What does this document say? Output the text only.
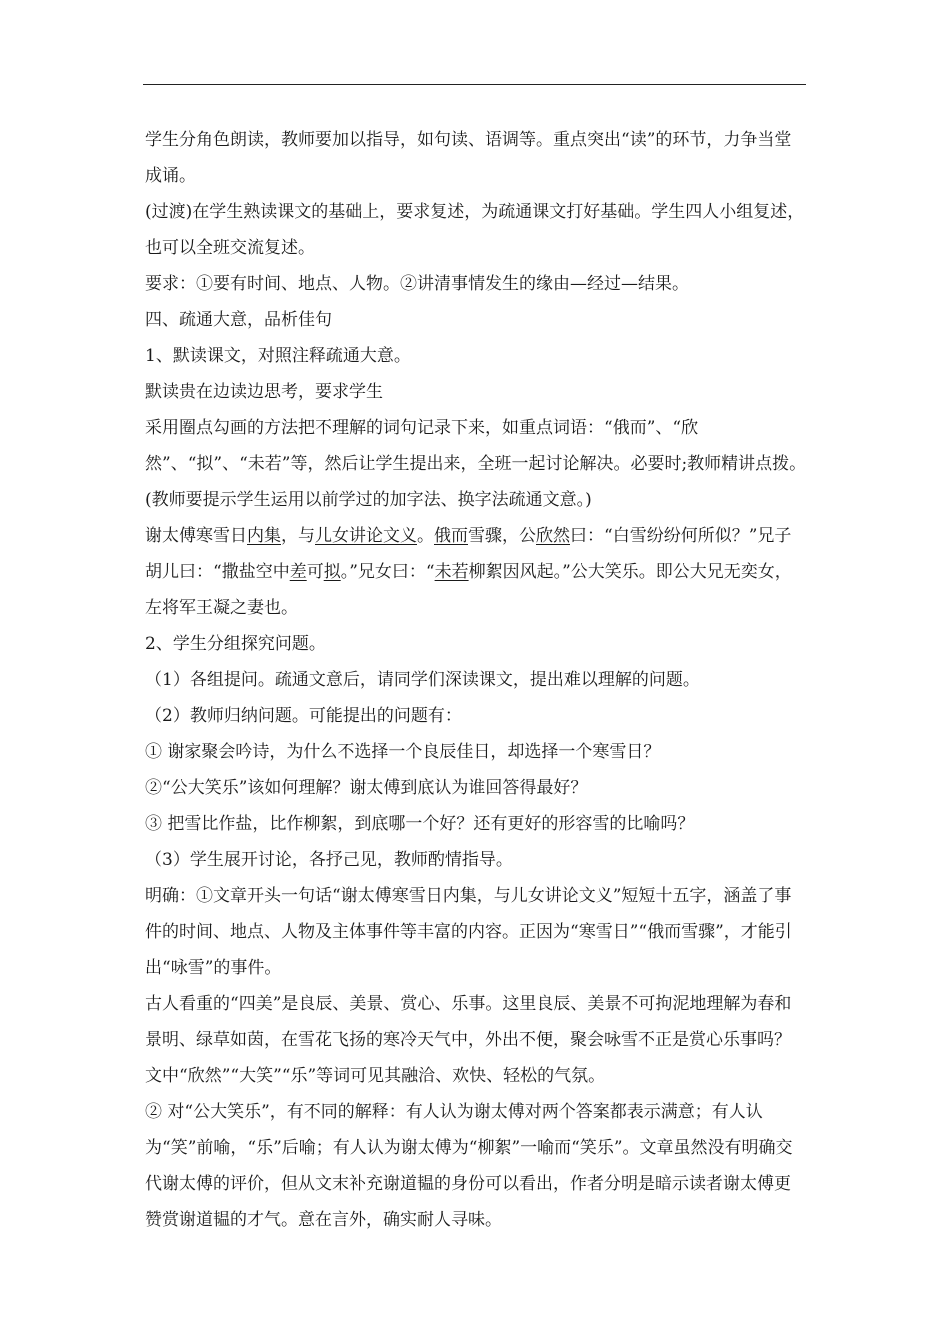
学生分角色朗读，教师要加以指导，如句读、语调等。重点突出“读”的环节，力争当堂成诵。

(过渡)在学生熟读课文的基础上，要求复述，为疏通课文打好基础。学生四人小组复述，也可以全班交流复述。

要求：①要有时间、地点、人物。②讲清事情发生的缘由—经过—结果。

四、疏通大意，品析佳句

1、默读课文，对照注释疏通大意。

默读贵在边读边思考，要求学生

采用圈点勾画的方法把不理解的词句记录下来，如重点词语：“俄而”、“欣然”、“拟”、“未若”等，然后让学生提出来，全班一起讨论解决。必要时;教师精讲点拨。(教师要提示学生运用以前学过的加字法、换字法疏通文意。)

谢太傅寒雪日内集，与儿女讲论文义。俄而雪骤，公欣然曰：“白雪纷纷何所似？”兄子胡儿曰：“撒盐空中差可拟。”兄女曰：“未若柳絮因风起。”公大笑乐。即公大兄无奕女，左将军王凝之妻也。

2、学生分组探究问题。

（1）各组提问。疏通文意后，请同学们深读课文，提出难以理解的问题。

（2）教师归纳问题。可能提出的问题有：

① 谢家聚会吟诗，为什么不选择一个良辰佳日，却选择一个寒雪日？

②“公大笑乐”该如何理解？谢太傅到底认为谁回答得最好？

③ 把雪比作盐，比作柳絮，到底哪一个好？还有更好的形容雪的比喻吗？

（3）学生展开讨论，各抒己见，教师酌情指导。

明确：①文章开头一句话“谢太傅寒雪日内集，与儿女讲论文义”短短十五字，涵盖了事件的时间、地点、人物及主体事件等丰富的内容。正因为“寒雪日”“俄而雪骤”，才能引出“咏雪”的事件。

古人看重的“四美”是良辰、美景、赏心、乐事。这里良辰、美景不可拘泥地理解为春和景明、绿草如茵，在雪花飞扬的寒冷天气中，外出不便，聚会咏雪不正是赏心乐事吗？文中“欣然”“大笑”“乐”等词可见其融洽、欢快、轻松的气氛。

② 对“公大笑乐”，有不同的解释：有人认为谢太傅对两个答案都表示满意；有人认为“笑”前喻，“乐”后喻；有人认为谢太傅为“柳絮”一喻而“笑乐”。文章虽然没有明确交代谢太傅的评价，但从文末补充谢道韫的身份可以看出，作者分明是暗示读者谢太傅更赞赏谢道韫的才气。意在言外，确实耐人寻味。
